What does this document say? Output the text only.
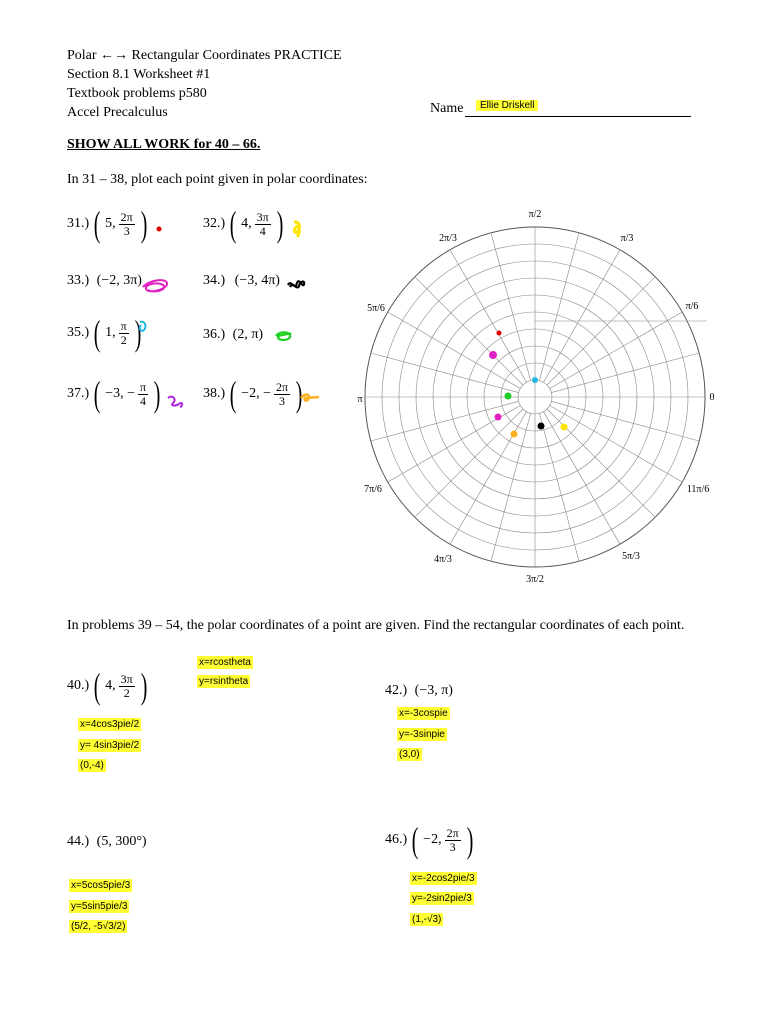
Polar ←→ Rectangular Coordinates PRACTICE
Section 8.1 Worksheet #1
Textbook problems p580
Accel Precalculus	Name	Ellie Driskell
SHOW ALL WORK for 40 – 66.
In 31 – 38, plot each point given in polar coordinates:
31.) ( 5, $\frac{2\pi}{3}$ )	32.) ( 4, $\frac{3\pi}{4}$ )
33.) (−2, 3π)	34.) (−3, 4π)
35.) ( 1, $\frac{\pi}{2}$ )	36.) (2, π)
37.) ( −3, − $\frac{\pi}{4}$ )	38.) ( −2, − $\frac{2\pi}{3}$ )
π/2
2π/3	π/3
5π/6	π/6
π	0
7π/6	11π/6
4π/3	5π/3
3π/2
In problems 39 – 54, the polar coordinates of a point are given. Find the rectangular coordinates of each point.
x=rcostheta
y=rsintheta
40.) ( 4, $\frac{3\pi}{2}$ )
x=4cos3pie/2
y= 4sin3pie/2
(0,-4)
42.) (−3, π)
x=-3cospie
y=-3sinpie
(3,0)
44.) (5, 300°)
x=5cos5pie/3
y=5sin5pie/3
(5/2, -5√3/2)
46.) ( −2, $\frac{2\pi}{3}$ )
x=-2cos2pie/3
y=-2sin2pie/3
(1,-√3)
